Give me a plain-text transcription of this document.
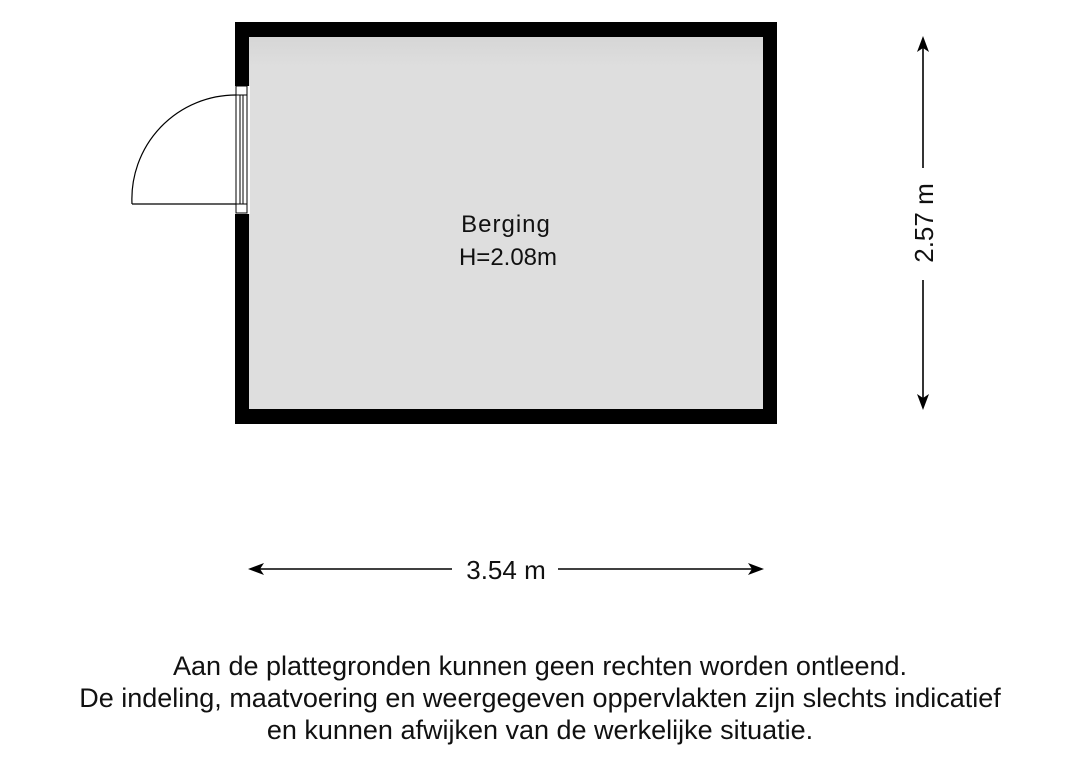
Berging
H=2.08m
3.54 m
2.57 m
Aan de plattegronden kunnen geen rechten worden ontleend.
De indeling, maatvoering en weergegeven oppervlakten zijn slechts indicatief
en kunnen afwijken van de werkelijke situatie.
